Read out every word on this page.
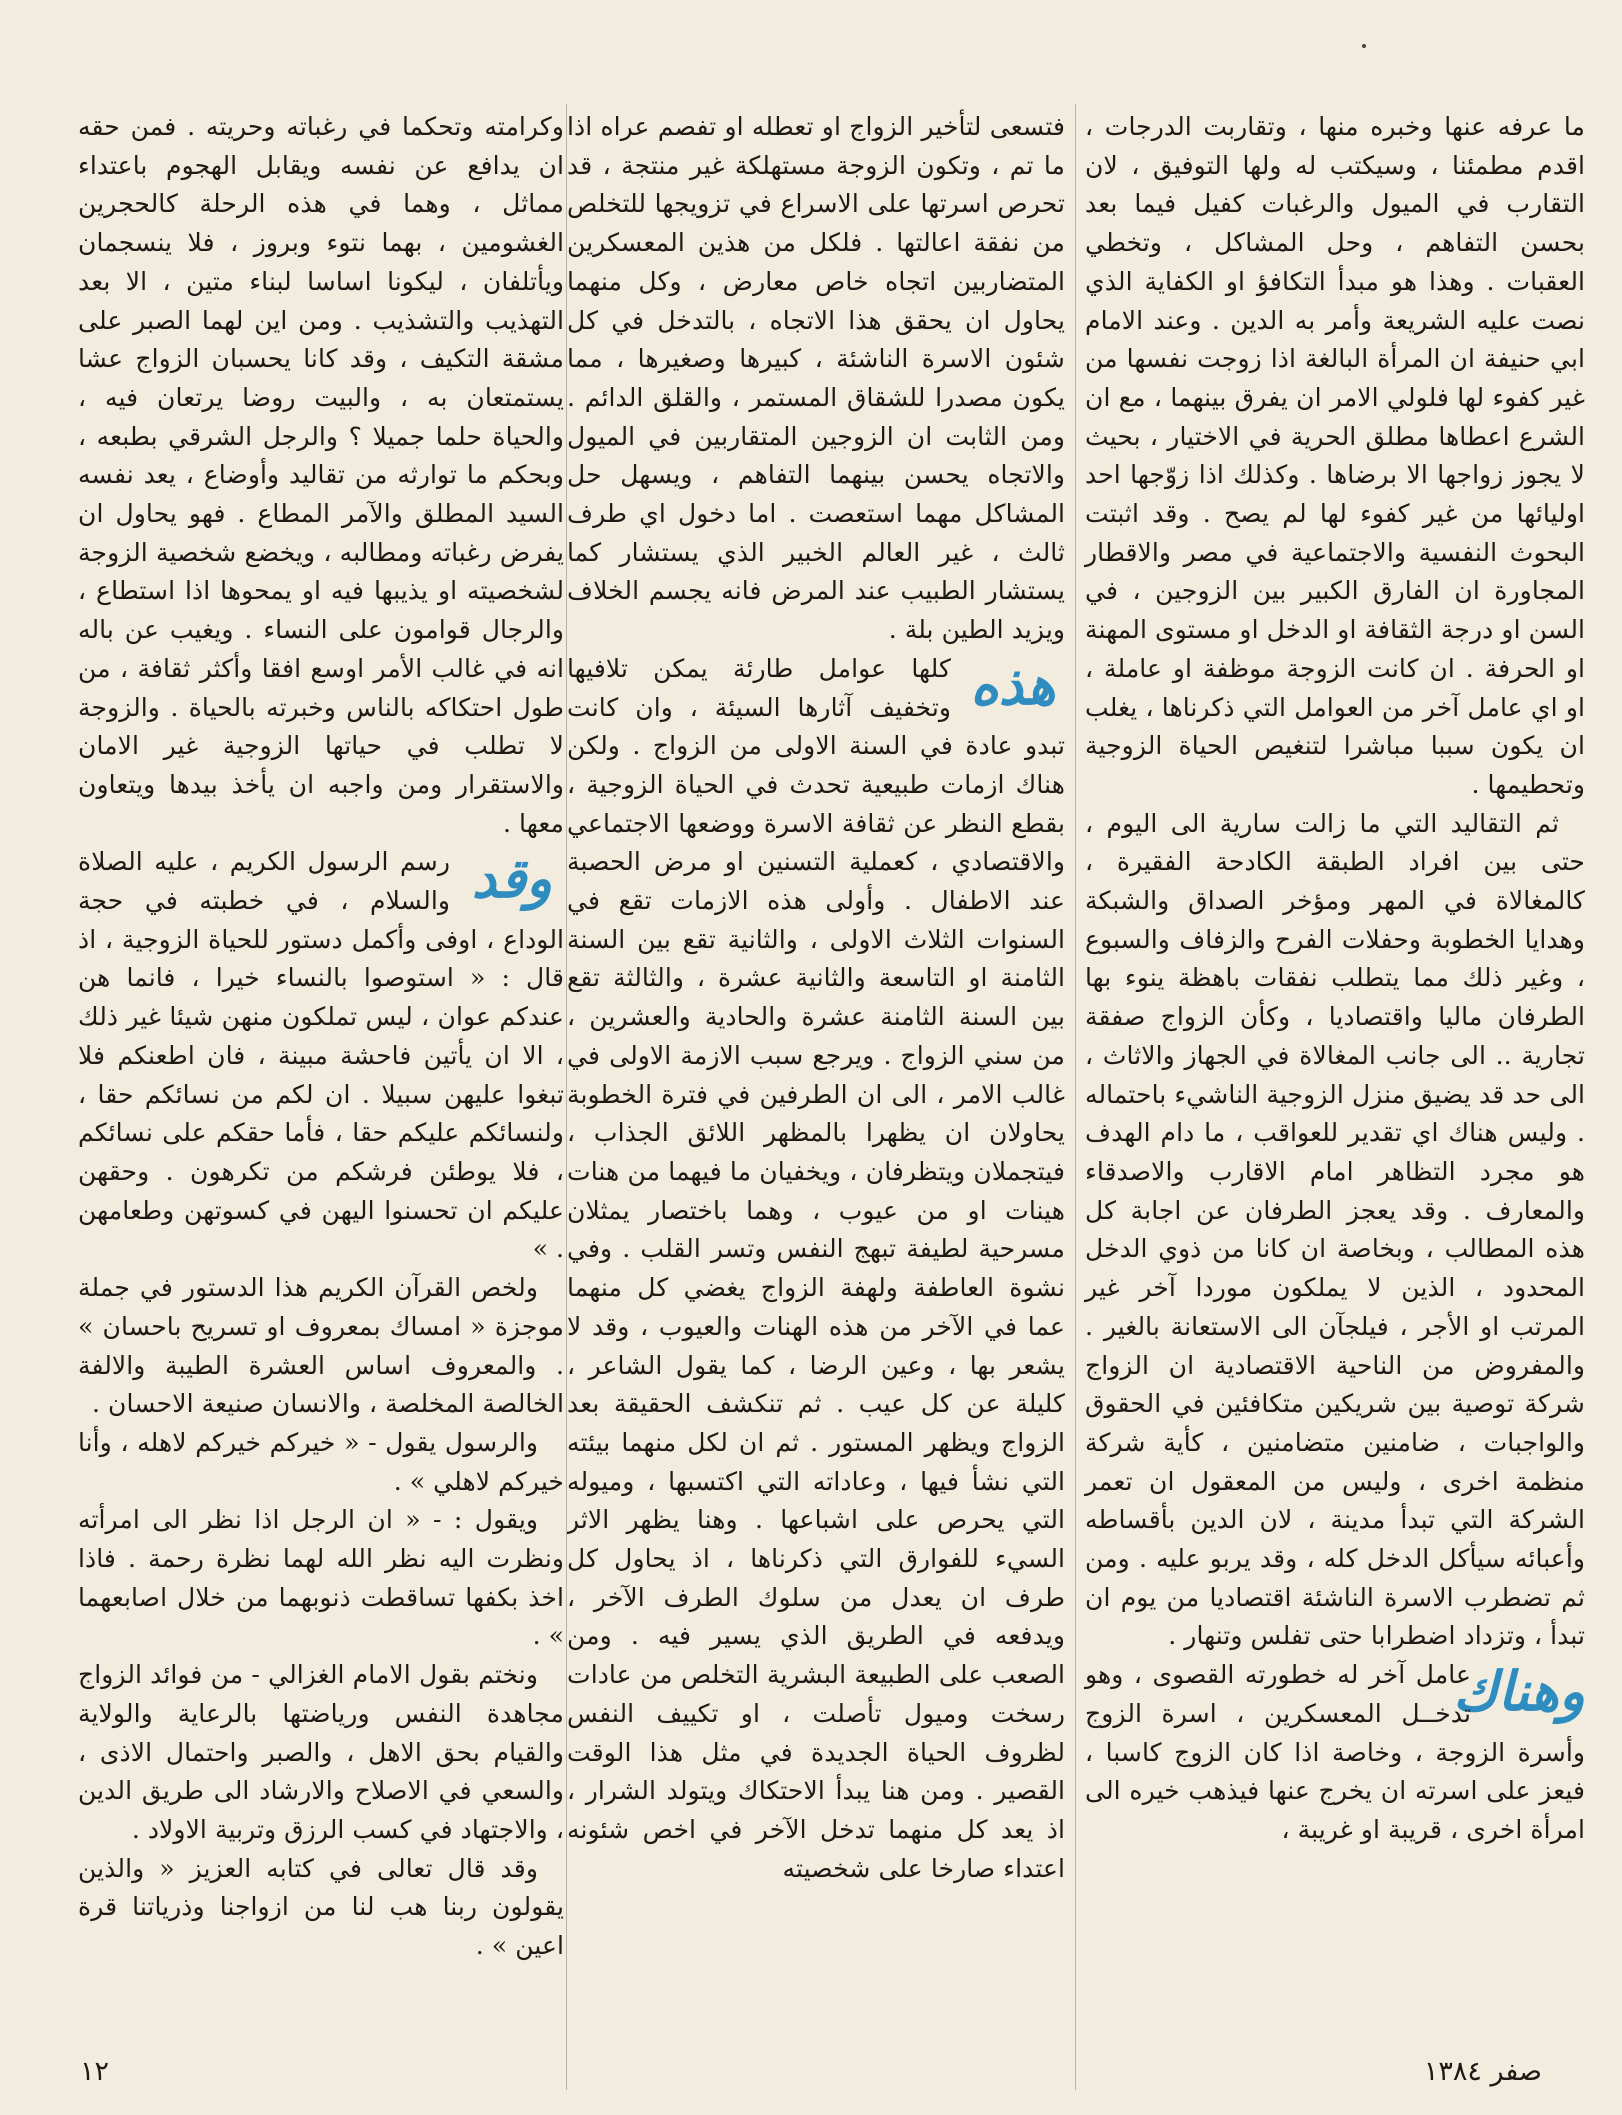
ما عرفه عنها وخبره منها ، وتقاربت الدرجات ، اقدم مطمئنا ، وسيكتب له ولها التوفيق ، لان التقارب في الميول والرغبات كفيل فيما بعد بحسن التفاهم ، وحل المشاكل ، وتخطي العقبات . وهذا هو مبدأ التكافؤ او الكفاية الذي نصت عليه الشريعة وأمر به الدين . وعند الامام ابي حنيفة ان المرأة البالغة اذا زوجت نفسها من غير كفوء لها فلولي الامر ان يفرق بينهما ، مع ان الشرع اعطاها مطلق الحرية في الاختيار ، بحيث لا يجوز زواجها الا برضاها . وكذلك اذا زوّجها احد اوليائها من غير كفوء لها لم يصح . وقد اثبتت البحوث النفسية والاجتماعية في مصر والاقطار المجاورة ان الفارق الكبير بين الزوجين ، في السن او درجة الثقافة او الدخل او مستوى المهنة او الحرفة . ان كانت الزوجة موظفة او عاملة ، او اي عامل آخر من العوامل التي ذكرناها ، يغلب ان يكون سببا مباشرا لتنغيص الحياة الزوجية وتحطيمها .

ثم التقاليد التي ما زالت سارية الى اليوم ، حتى بين افراد الطبقة الكادحة الفقيرة ، كالمغالاة في المهر ومؤخر الصداق والشبكة وهدايا الخطوبة وحفلات الفرح والزفاف والسبوع ، وغير ذلك مما يتطلب نفقات باهظة ينوء بها الطرفان ماليا واقتصاديا ، وكأن الزواج صفقة تجارية .. الى جانب المغالاة في الجهاز والاثاث ، الى حد قد يضيق منزل الزوجية الناشيء باحتماله . وليس هناك اي تقدير للعواقب ، ما دام الهدف هو مجرد التظاهر امام الاقارب والاصدقاء والمعارف . وقد يعجز الطرفان عن اجابة كل هذه المطالب ، وبخاصة ان كانا من ذوي الدخل المحدود ، الذين لا يملكون موردا آخر غير المرتب او الأجر ، فيلجآن الى الاستعانة بالغير . والمفروض من الناحية الاقتصادية ان الزواج شركة توصية بين شريكين متكافئين في الحقوق والواجبات ، ضامنين متضامنين ، كأية شركة منظمة اخرى ، وليس من المعقول ان تعمر الشركة التي تبدأ مدينة ، لان الدين بأقساطه وأعبائه سيأكل الدخل كله ، وقد يربو عليه . ومن ثم تضطرب الاسرة الناشئة اقتصاديا من يوم ان تبدأ ، وتزداد اضطرابا حتى تفلس وتنهار .

وهناك
عامل آخر له خطورته القصوى ، وهو تدخــل المعسكرين ، اسرة الزوج وأسرة الزوجة ، وخاصة اذا كان الزوج كاسبا ، فيعز على اسرته ان يخرج عنها فيذهب خيره الى امرأة اخرى ، قريبة او غريبة ،

فتسعى لتأخير الزواج او تعطله او تفصم عراه اذا ما تم ، وتكون الزوجة مستهلكة غير منتجة ، قد تحرص اسرتها على الاسراع في تزويجها للتخلص من نفقة اعالتها . فلكل من هذين المعسكرين المتضاربين اتجاه خاص معارض ، وكل منهما يحاول ان يحقق هذا الاتجاه ، بالتدخل في كل شئون الاسرة الناشئة ، كبيرها وصغيرها ، مما يكون مصدرا للشقاق المستمر ، والقلق الدائم . ومن الثابت ان الزوجين المتقاربين في الميول والاتجاه يحسن بينهما التفاهم ، ويسهل حل المشاكل مهما استعصت . اما دخول اي طرف ثالث ، غير العالم الخبير الذي يستشار كما يستشار الطبيب عند المرض فانه يجسم الخلاف ويزيد الطين بلة .

هذه
كلها عوامل طارئة يمكن تلافيها وتخفيف آثارها السيئة ، وان كانت تبدو عادة في السنة الاولى من الزواج . ولكن هناك ازمات طبيعية تحدث في الحياة الزوجية ، بقطع النظر عن ثقافة الاسرة ووضعها الاجتماعي والاقتصادي ، كعملية التسنين او مرض الحصبة عند الاطفال . وأولى هذه الازمات تقع في السنوات الثلاث الاولى ، والثانية تقع بين السنة الثامنة او التاسعة والثانية عشرة ، والثالثة تقع بين السنة الثامنة عشرة والحادية والعشرين ، من سني الزواج . ويرجع سبب الازمة الاولى في غالب الامر ، الى ان الطرفين في فترة الخطوبة يحاولان ان يظهرا بالمظهر اللائق الجذاب ، فيتجملان ويتظرفان ، ويخفيان ما فيهما من هنات هينات او من عيوب ، وهما باختصار يمثلان مسرحية لطيفة تبهج النفس وتسر القلب . وفي نشوة العاطفة ولهفة الزواج يغضي كل منهما عما في الآخر من هذه الهنات والعيوب ، وقد لا يشعر بها ، وعين الرضا ، كما يقول الشاعر ، كليلة عن كل عيب . ثم تنكشف الحقيقة بعد الزواج ويظهر المستور . ثم ان لكل منهما بيئته التي نشأ فيها ، وعاداته التي اكتسبها ، وميوله التي يحرص على اشباعها . وهنا يظهر الاثر السيء للفوارق التي ذكرناها ، اذ يحاول كل طرف ان يعدل من سلوك الطرف الآخر ، ويدفعه في الطريق الذي يسير فيه . ومن الصعب على الطبيعة البشرية التخلص من عادات رسخت وميول تأصلت ، او تكييف النفس لظروف الحياة الجديدة في مثل هذا الوقت القصير . ومن هنا يبدأ الاحتكاك ويتولد الشرار ، اذ يعد كل منهما تدخل الآخر في اخص شئونه اعتداء صارخا على شخصيته

وكرامته وتحكما في رغباته وحريته . فمن حقه ان يدافع عن نفسه ويقابل الهجوم باعتداء مماثل ، وهما في هذه الرحلة كالحجرين الغشومين ، بهما نتوء وبروز ، فلا ينسجمان ويأتلفان ، ليكونا اساسا لبناء متين ، الا بعد التهذيب والتشذيب . ومن اين لهما الصبر على مشقة التكيف ، وقد كانا يحسبان الزواج عشا يستمتعان به ، والبيت روضا يرتعان فيه ، والحياة حلما جميلا ؟ والرجل الشرقي بطبعه ، وبحكم ما توارثه من تقاليد وأوضاع ، يعد نفسه السيد المطلق والآمر المطاع . فهو يحاول ان يفرض رغباته ومطالبه ، ويخضع شخصية الزوجة لشخصيته او يذيبها فيه او يمحوها اذا استطاع ، والرجال قوامون على النساء . ويغيب عن باله انه في غالب الأمر اوسع افقا وأكثر ثقافة ، من طول احتكاكه بالناس وخبرته بالحياة . والزوجة لا تطلب في حياتها الزوجية غير الامان والاستقرار ومن واجبه ان يأخذ بيدها ويتعاون معها .

وقد
رسم الرسول الكريم ، عليه الصلاة والسلام ، في خطبته في حجة الوداع ، اوفى وأكمل دستور للحياة الزوجية ، اذ قال : « استوصوا بالنساء خيرا ، فانما هن عندكم عوان ، ليس تملكون منهن شيئا غير ذلك ، الا ان يأتين فاحشة مبينة ، فان اطعنكم فلا تبغوا عليهن سبيلا . ان لكم من نسائكم حقا ، ولنسائكم عليكم حقا ، فأما حقكم على نسائكم ، فلا يوطئن فرشكم من تكرهون . وحقهن عليكم ان تحسنوا اليهن في كسوتهن وطعامهن . »

ولخص القرآن الكريم هذا الدستور في جملة موجزة « امساك بمعروف او تسريح باحسان » . والمعروف اساس العشرة الطيبة والالفة الخالصة المخلصة ، والانسان صنيعة الاحسان .

والرسول يقول - « خيركم خيركم لاهله ، وأنا خيركم لاهلي » .

ويقول : - « ان الرجل اذا نظر الى امرأته ونظرت اليه نظر الله لهما نظرة رحمة . فاذا اخذ بكفها تساقطت ذنوبهما من خلال اصابعهما » .

ونختم بقول الامام الغزالي - من فوائد الزواج مجاهدة النفس ورياضتها بالرعاية والولاية والقيام بحق الاهل ، والصبر واحتمال الاذى ، والسعي في الاصلاح والارشاد الى طريق الدين ، والاجتهاد في كسب الرزق وتربية الاولاد .

وقد قال تعالى في كتابه العزيز « والذين يقولون ربنا هب لنا من ازواجنا وذرياتنا قرة اعين » .

١٢	صفر ١٣٨٤
